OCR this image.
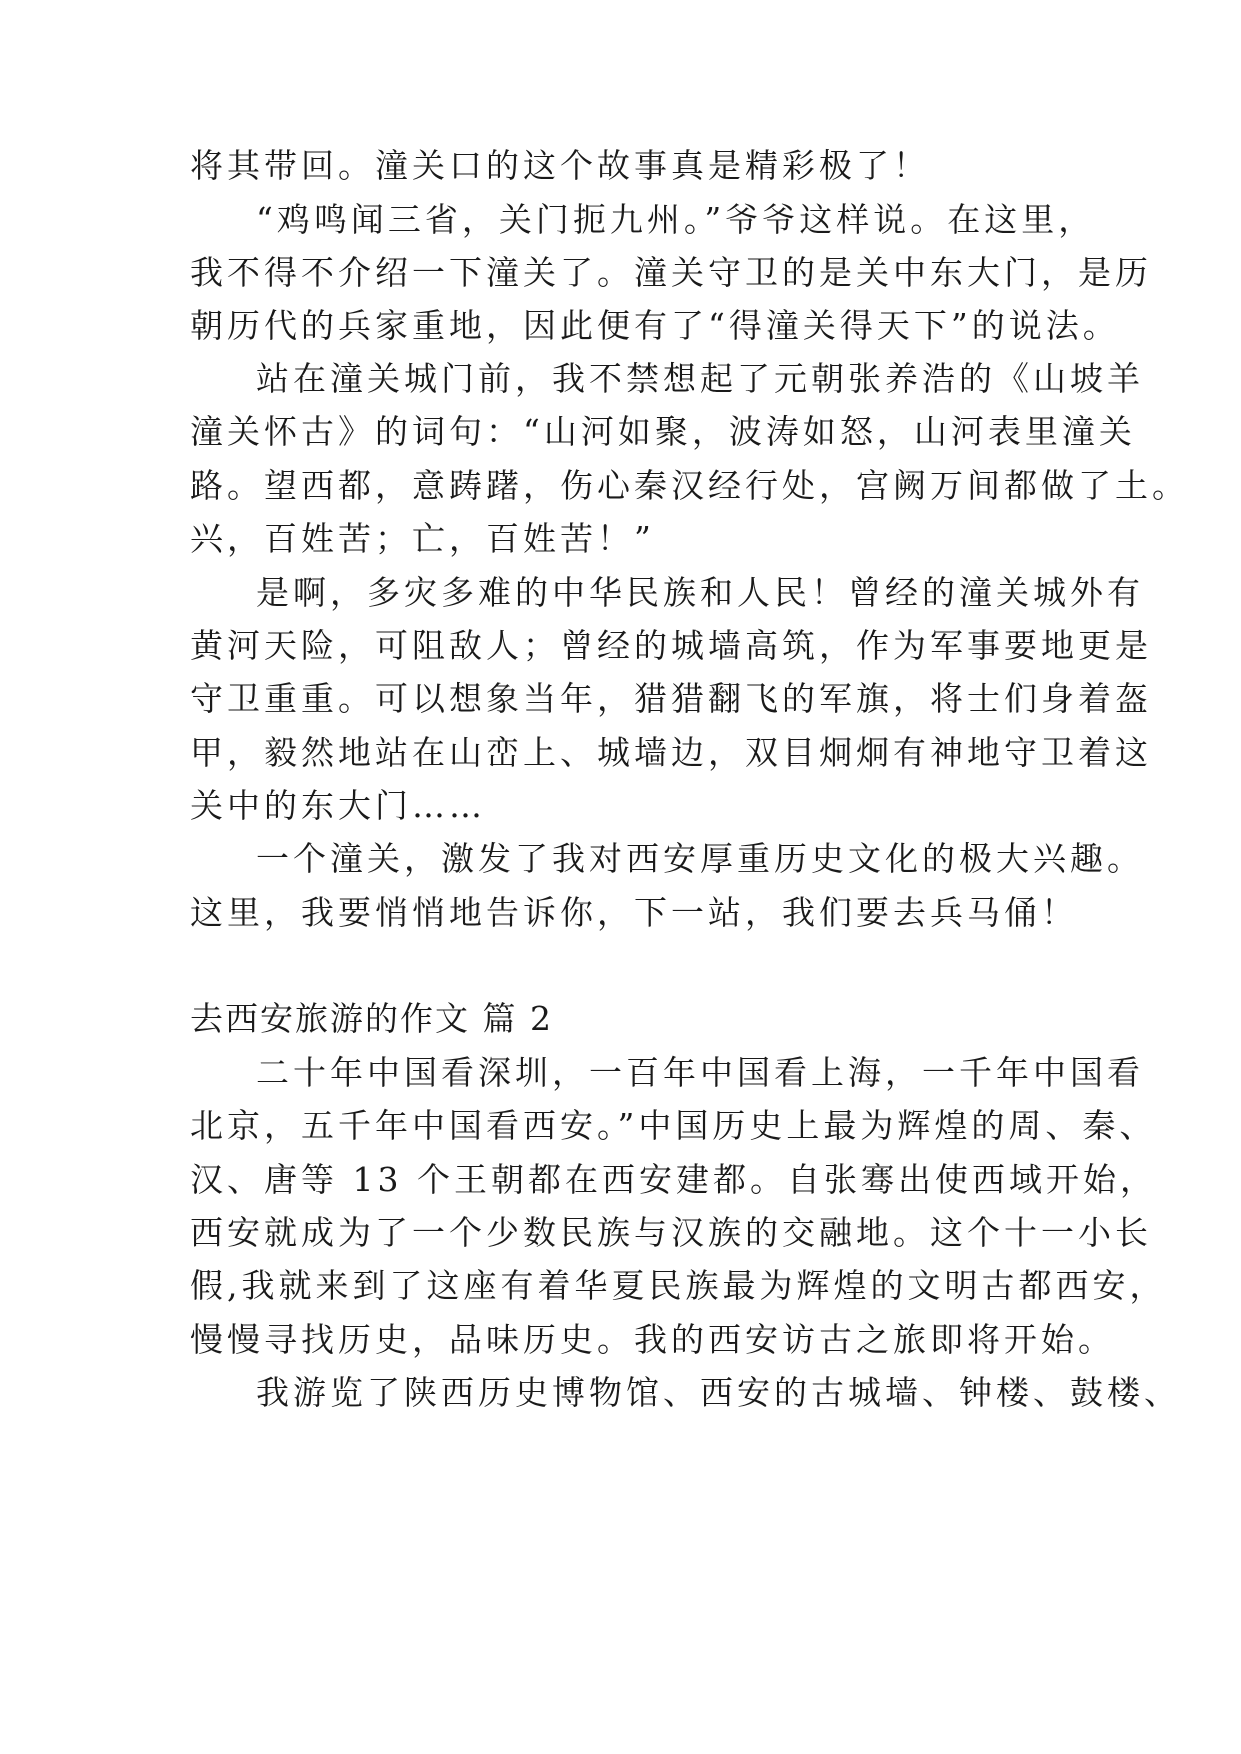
将其带回。潼关口的这个故事真是精彩极了！
“鸡鸣闻三省，关门扼九州。”爷爷这样说。在这里，
我不得不介绍一下潼关了。潼关守卫的是关中东大门，是历
朝历代的兵家重地，因此便有了“得潼关得天下”的说法。
站在潼关城门前，我不禁想起了元朝张养浩的《山坡羊
潼关怀古》的词句：“山河如聚，波涛如怒，山河表里潼关
路。望西都，意踌躇，伤心秦汉经行处，宫阙万间都做了土。
兴，百姓苦；亡，百姓苦！”
是啊，多灾多难的中华民族和人民！曾经的潼关城外有
黄河天险，可阻敌人；曾经的城墙高筑，作为军事要地更是
守卫重重。可以想象当年，猎猎翻飞的军旗，将士们身着盔
甲，毅然地站在山峦上、城墙边，双目炯炯有神地守卫着这
关中的东大门……
一个潼关，激发了我对西安厚重历史文化的极大兴趣。
这里，我要悄悄地告诉你，下一站，我们要去兵马俑！
去西安旅游的作文 篇 2
二十年中国看深圳，一百年中国看上海，一千年中国看
北京，五千年中国看西安。”中国历史上最为辉煌的周、秦、
汉、唐等 13 个王朝都在西安建都。自张骞出使西域开始，
西安就成为了一个少数民族与汉族的交融地。这个十一小长
假,我就来到了这座有着华夏民族最为辉煌的文明古都西安，
慢慢寻找历史，品味历史。我的西安访古之旅即将开始。
我游览了陕西历史博物馆、西安的古城墙、钟楼、鼓楼、
